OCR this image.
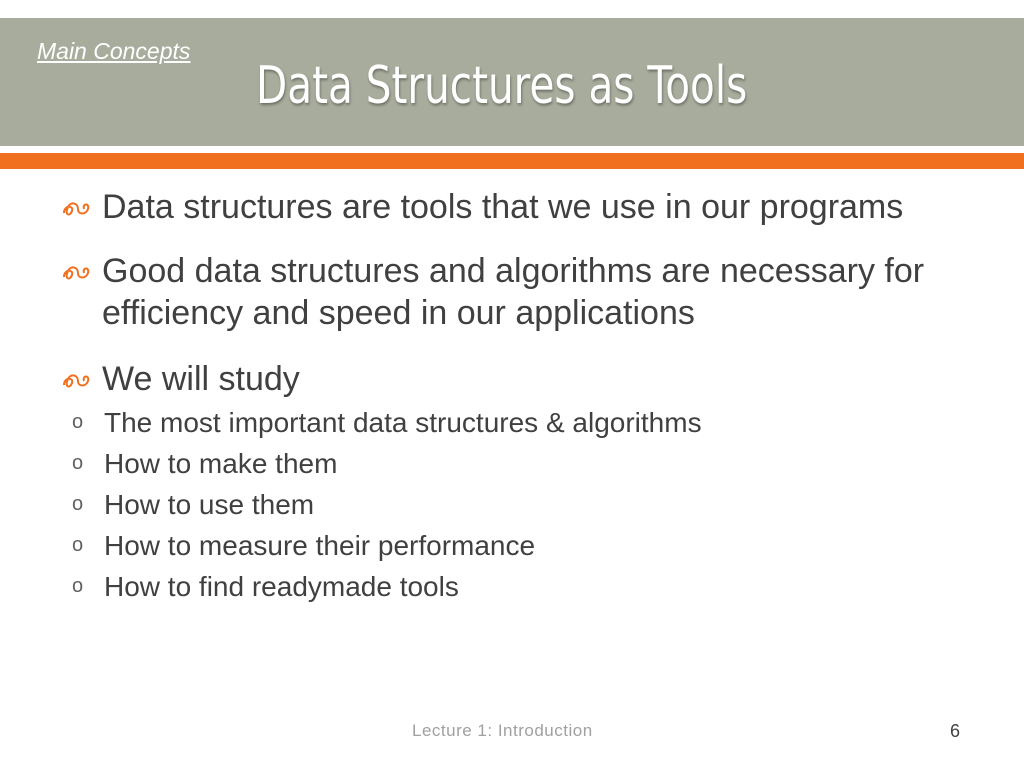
Main Concepts
Data Structures as Tools
Data structures are tools that we use in our programs
Good data structures and algorithms are necessary for efficiency and speed in our applications
We will study
o The most important data structures & algorithms
o How to make them
o How to use them
o How to measure their performance
o How to find readymade tools
Lecture 1: Introduction	6
